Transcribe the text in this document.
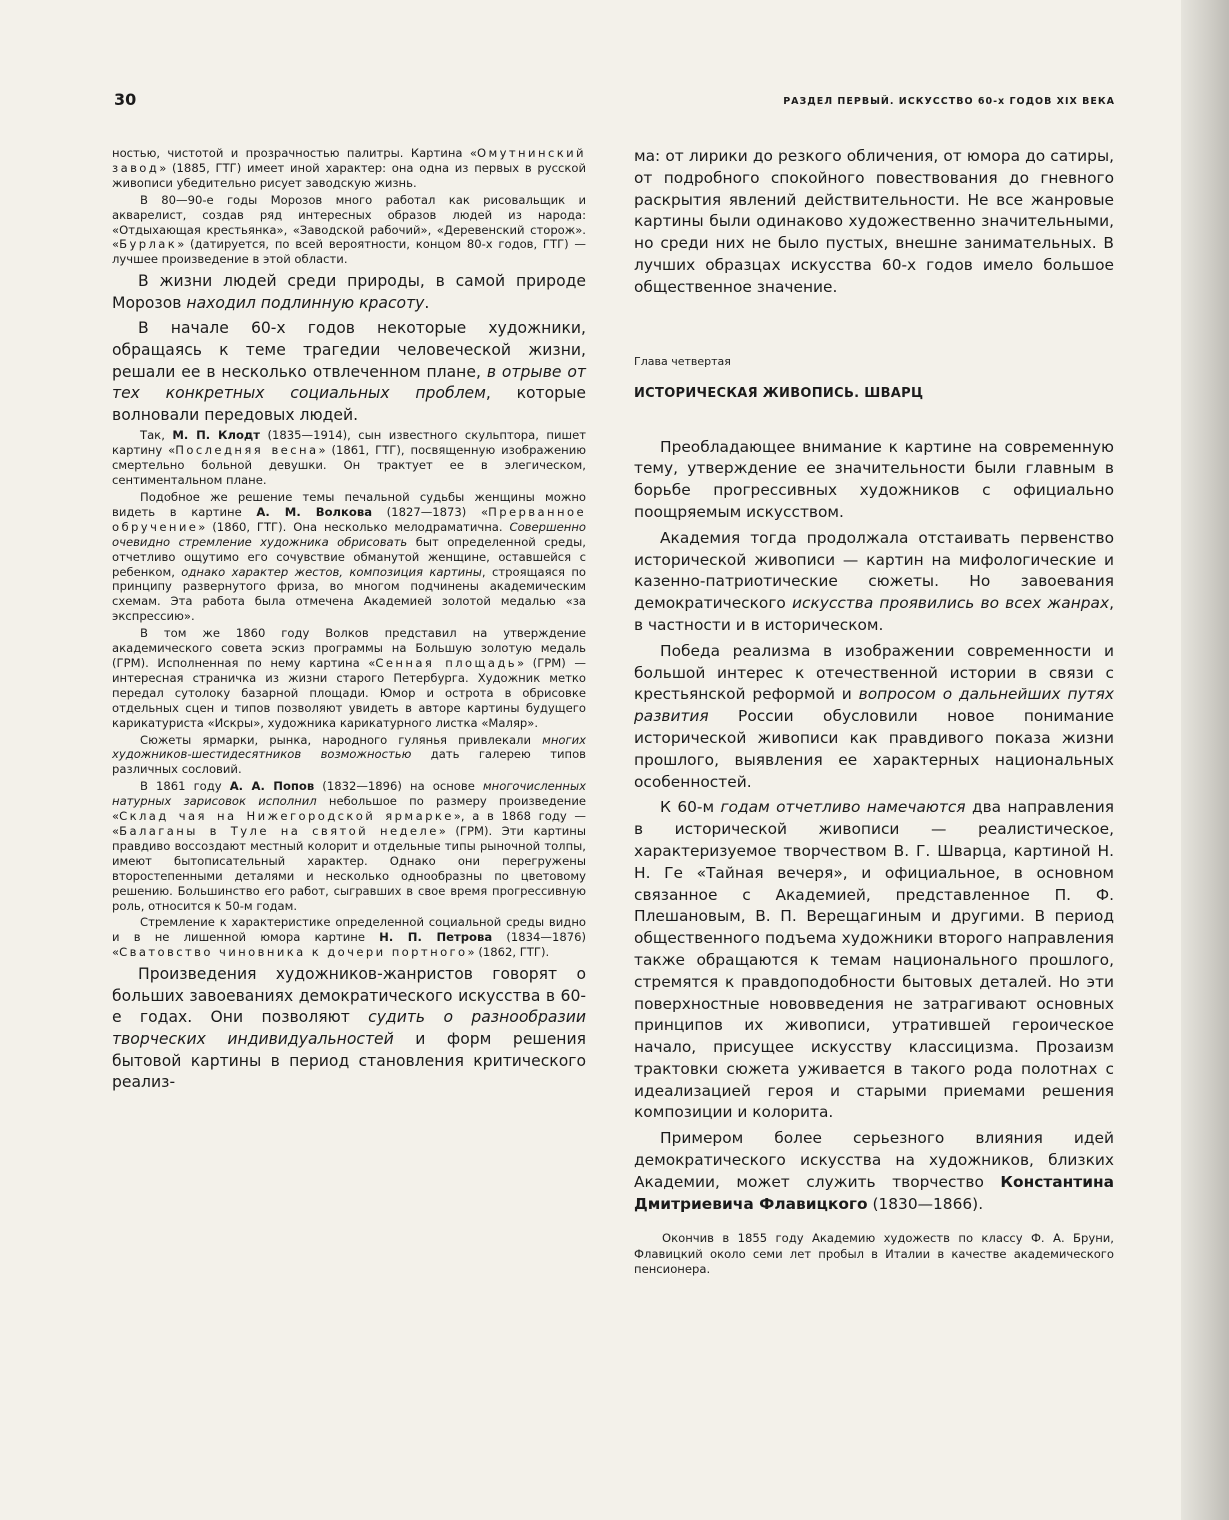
30	РАЗДЕЛ ПЕРВЫЙ. ИСКУССТВО 60-х ГОДОВ XIX ВЕКА

ностью, чистотой и прозрачностью палитры. Картина «Омутнинский завод» (1885, ГТГ) имеет иной характер: она одна из первых в русской живописи убедительно рисует заводскую жизнь.

В 80—90-е годы Морозов много работал как рисовальщик и акварелист, создав ряд интересных образов людей из народа: «Отдыхающая крестьянка», «Заводской рабочий», «Деревенский сторож». «Бурлак» (датируется, по всей вероятности, концом 80-х годов, ГТГ) — лучшее произведение в этой области.

В жизни людей среди природы, в самой природе Морозов находил подлинную красоту.

В начале 60-х годов некоторые художники, обращаясь к теме трагедии человеческой жизни, решали ее в несколько отвлеченном плане, в отрыве от тех конкретных социальных проблем, которые волновали передовых людей.

Так, М. П. Клодт (1835—1914), сын известного скульптора, пишет картину «Последняя весна» (1861, ГТГ), посвященную изображению смертельно больной девушки. Он трактует ее в элегическом, сентиментальном плане.

Подобное же решение темы печальной судьбы женщины можно видеть в картине А. М. Волкова (1827—1873) «Прерванное обручение» (1860, ГТГ). Она несколько мелодраматична. Совершенно очевидно стремление художника обрисовать быт определенной среды, отчетливо ощутимо его сочувствие обманутой женщине, оставшейся с ребенком, однако характер жестов, композиция картины, строящаяся по принципу развернутого фриза, во многом подчинены академическим схемам. Эта работа была отмечена Академией золотой медалью «за экспрессию».

В том же 1860 году Волков представил на утверждение академического совета эскиз программы на Большую золотую медаль (ГРМ). Исполненная по нему картина «Сенная площадь» (ГРМ) — интересная страничка из жизни старого Петербурга. Художник метко передал сутолоку базарной площади. Юмор и острота в обрисовке отдельных сцен и типов позволяют увидеть в авторе картины будущего карикатуриста «Искры», художника карикатурного листка «Маляр».

Сюжеты ярмарки, рынка, народного гулянья привлекали многих художников-шестидесятников возможностью дать галерею типов различных сословий.

В 1861 году А. А. Попов (1832—1896) на основе многочисленных натурных зарисовок исполнил небольшое по размеру произведение «Склад чая на Нижегородской ярмарке», а в 1868 году — «Балаганы в Туле на святой неделе» (ГРМ). Эти картины правдиво воссоздают местный колорит и отдельные типы рыночной толпы, имеют бытописательный характер. Однако они перегружены второстепенными деталями и несколько однообразны по цветовому решению. Большинство его работ, сыгравших в свое время прогрессивную роль, относится к 50-м годам.

Стремление к характеристике определенной социальной среды видно и в не лишенной юмора картине Н. П. Петрова (1834—1876) «Сватовство чиновника к дочери портного» (1862, ГТГ).

Произведения художников-жанристов говорят о больших завоеваниях демократического искусства в 60-е годах. Они позволяют судить о разнообразии творческих индивидуальностей и форм решения бытовой картины в период становления критического реализ-

ма: от лирики до резкого обличения, от юмора до сатиры, от подробного спокойного повествования до гневного раскрытия явлений действительности. Не все жанровые картины были одинаково художественно значительными, но среди них не было пустых, внешне занимательных. В лучших образцах искусства 60-х годов имело большое общественное значение.

Глава четвертая
ИСТОРИЧЕСКАЯ ЖИВОПИСЬ. ШВАРЦ

Преобладающее внимание к картине на современную тему, утверждение ее значительности были главным в борьбе прогрессивных художников с официально поощряемым искусством.

Академия тогда продолжала отстаивать первенство исторической живописи — картин на мифологические и казенно-патриотические сюжеты. Но завоевания демократического искусства проявились во всех жанрах, в частности и в историческом.

Победа реализма в изображении современности и большой интерес к отечественной истории в связи с крестьянской реформой и вопросом о дальнейших путях развития России обусловили новое понимание исторической живописи как правдивого показа жизни прошлого, выявления ее характерных национальных особенностей.

К 60-м годам отчетливо намечаются два направления в исторической живописи — реалистическое, характеризуемое творчеством В. Г. Шварца, картиной Н. Н. Ге «Тайная вечеря», и официальное, в основном связанное с Академией, представленное П. Ф. Плешановым, В. П. Верещагиным и другими. В период общественного подъема художники второго направления также обращаются к темам национального прошлого, стремятся к правдоподобности бытовых деталей. Но эти поверхностные нововведения не затрагивают основных принципов их живописи, утратившей героическое начало, присущее искусству классицизма. Прозаизм трактовки сюжета уживается в такого рода полотнах с идеализацией героя и старыми приемами решения композиции и колорита.

Примером более серьезного влияния идей демократического искусства на художников, близких Академии, может служить творчество Константина Дмитриевича Флавицкого (1830—1866).

Окончив в 1855 году Академию художеств по классу Ф. А. Бруни, Флавицкий около семи лет пробыл в Италии в качестве академического пенсионера.
